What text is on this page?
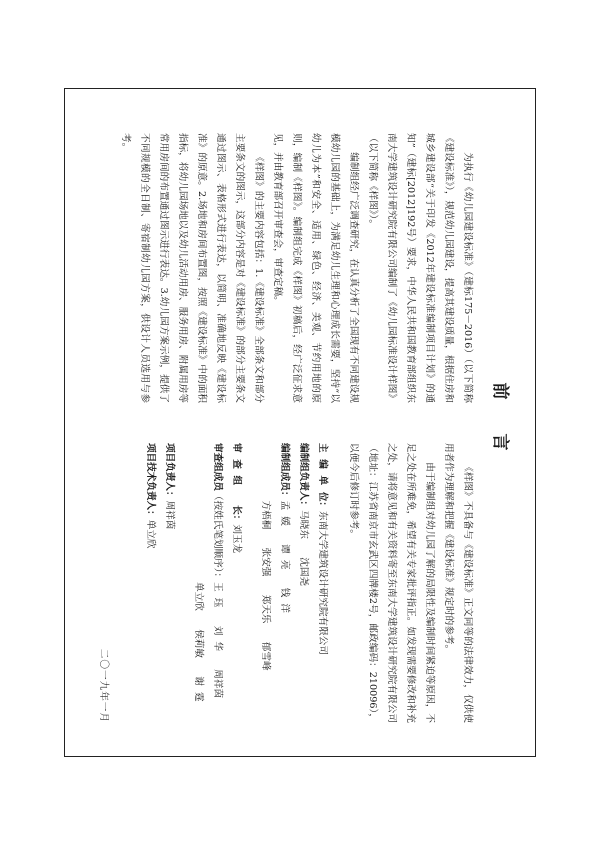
前 言

为执行《幼儿园建设标准》（建标175－2016）（以下简称《建设标准》），规范幼儿园建设，提高其建设质量，根据住房和城乡建设部“关于印发《2012年建设标准编制项目计划》的通知”（建标[2012]192号）要求，中华人民共和国教育部组织东南大学建筑设计研究院有限公司编制了《幼儿园标准设计样图》（以下简称《样图》）。

编制组经广泛调查研究，在认真分析了全国现有不同建设规模幼儿园的基础上，为满足幼儿生理和心理成长需要，坚持“以幼儿为本”和安全、适用、绿色、经济、美观、节约用地的原则，编制《样图》。编制组完成《样图》初稿后，经广泛征求意见，并由教育部召开审查会，审查定稿。

《样图》的主要内容包括：1.《建设标准》全部条文和部分主要条文的图示，这部分内容是对《建设标准》的部分主要条文通过图示、表格形式进行表达，以简明、准确地反映《建设标准》的原意。2.场地和房间布置图，按照《建设标准》中的面积指标，将幼儿园场地以及幼儿活动用房、服务用房、附属用房等常用房间的布置通过图示进行表达。3.幼儿园方案示例，提供了不同规模的全日制、寄宿制幼儿园方案，供设计人员选用与参考。

《样图》不具备与《建设标准》正文同等的法律效力，仅供使用者作为理解和把握《建设标准》规定时的参考。

由于编制组对幼儿园了解的局限性及编制时间紧迫等原因，不足之处在所难免，希望有关专家批评指正。如发现需要修改和补充之处，请将意见和有关资料寄至东南大学建筑设计研究院有限公司（地址：江苏省南京市玄武区四牌楼2号，邮政编码：210096），以便今后修订时参考。

主  编  单  位：
东南大学建筑设计研究院有限公司
编制组负责人：
马晓东      沈国尧
编制组成员：
孟  媛      谭  亮      钱  洋
方梧桐      张安强      郑天乐      郁雪峰
审  查  组      长：
刘玉龙
审查组成员
（按姓氏笔划顺序）：
王  珏      刘  华      周祥茵
单立欣      侯莉敏      谢  霆
项目负责人：
周祥茵
项目技术负责人：
单立欣
二〇一九年一月
